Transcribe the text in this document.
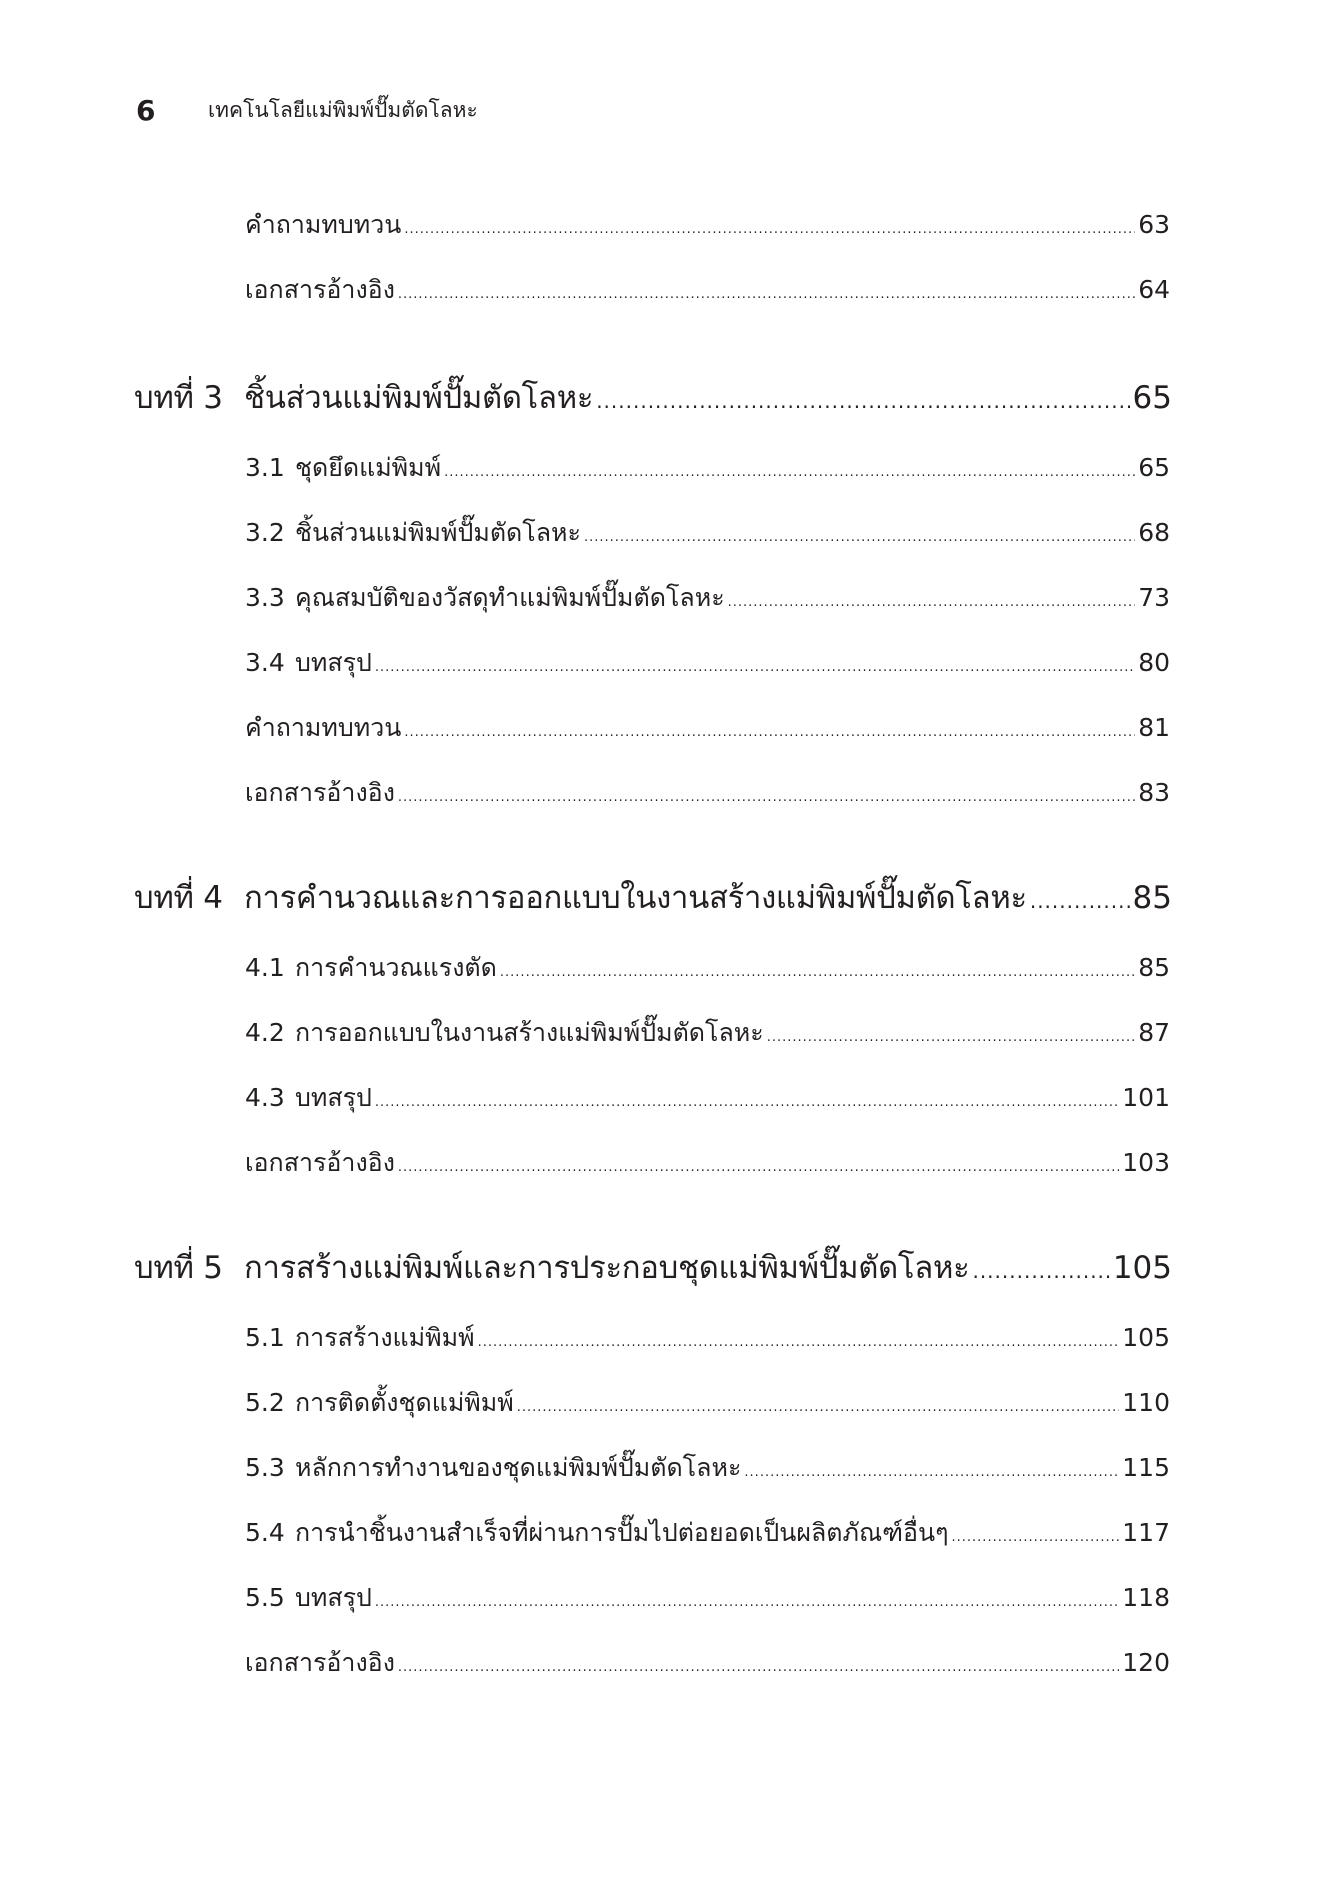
6	เทคโนโลยีแม่พิมพ์ปั๊มตัดโลหะ
คำถามทบทวน .....	63
เอกสารอ้างอิง .....	64
บทที่ 3 ชิ้นส่วนแม่พิมพ์ปั๊มตัดโลหะ .....	65
3.1 ชุดยึดแม่พิมพ์ .....	65
3.2 ชิ้นส่วนแม่พิมพ์ปั๊มตัดโลหะ .....	68
3.3 คุณสมบัติของวัสดุทำแม่พิมพ์ปั๊มตัดโลหะ .....	73
3.4 บทสรุป .....	80
คำถามทบทวน .....	81
เอกสารอ้างอิง .....	83
บทที่ 4 การคำนวณและการออกแบบในงานสร้างแม่พิมพ์ปั๊มตัดโลหะ .....	85
4.1 การคำนวณแรงตัด .....	85
4.2 การออกแบบในงานสร้างแม่พิมพ์ปั๊มตัดโลหะ .....	87
4.3 บทสรุป .....	101
เอกสารอ้างอิง .....	103
บทที่ 5 การสร้างแม่พิมพ์และการประกอบชุดแม่พิมพ์ปั๊มตัดโลหะ .....	105
5.1 การสร้างแม่พิมพ์ .....	105
5.2 การติดตั้งชุดแม่พิมพ์ .....	110
5.3 หลักการทำงานของชุดแม่พิมพ์ปั๊มตัดโลหะ .....	115
5.4 การนำชิ้นงานสำเร็จที่ผ่านการปั๊มไปต่อยอดเป็นผลิตภัณฑ์อื่นๆ .....	117
5.5 บทสรุป .....	118
เอกสารอ้างอิง .....	120
